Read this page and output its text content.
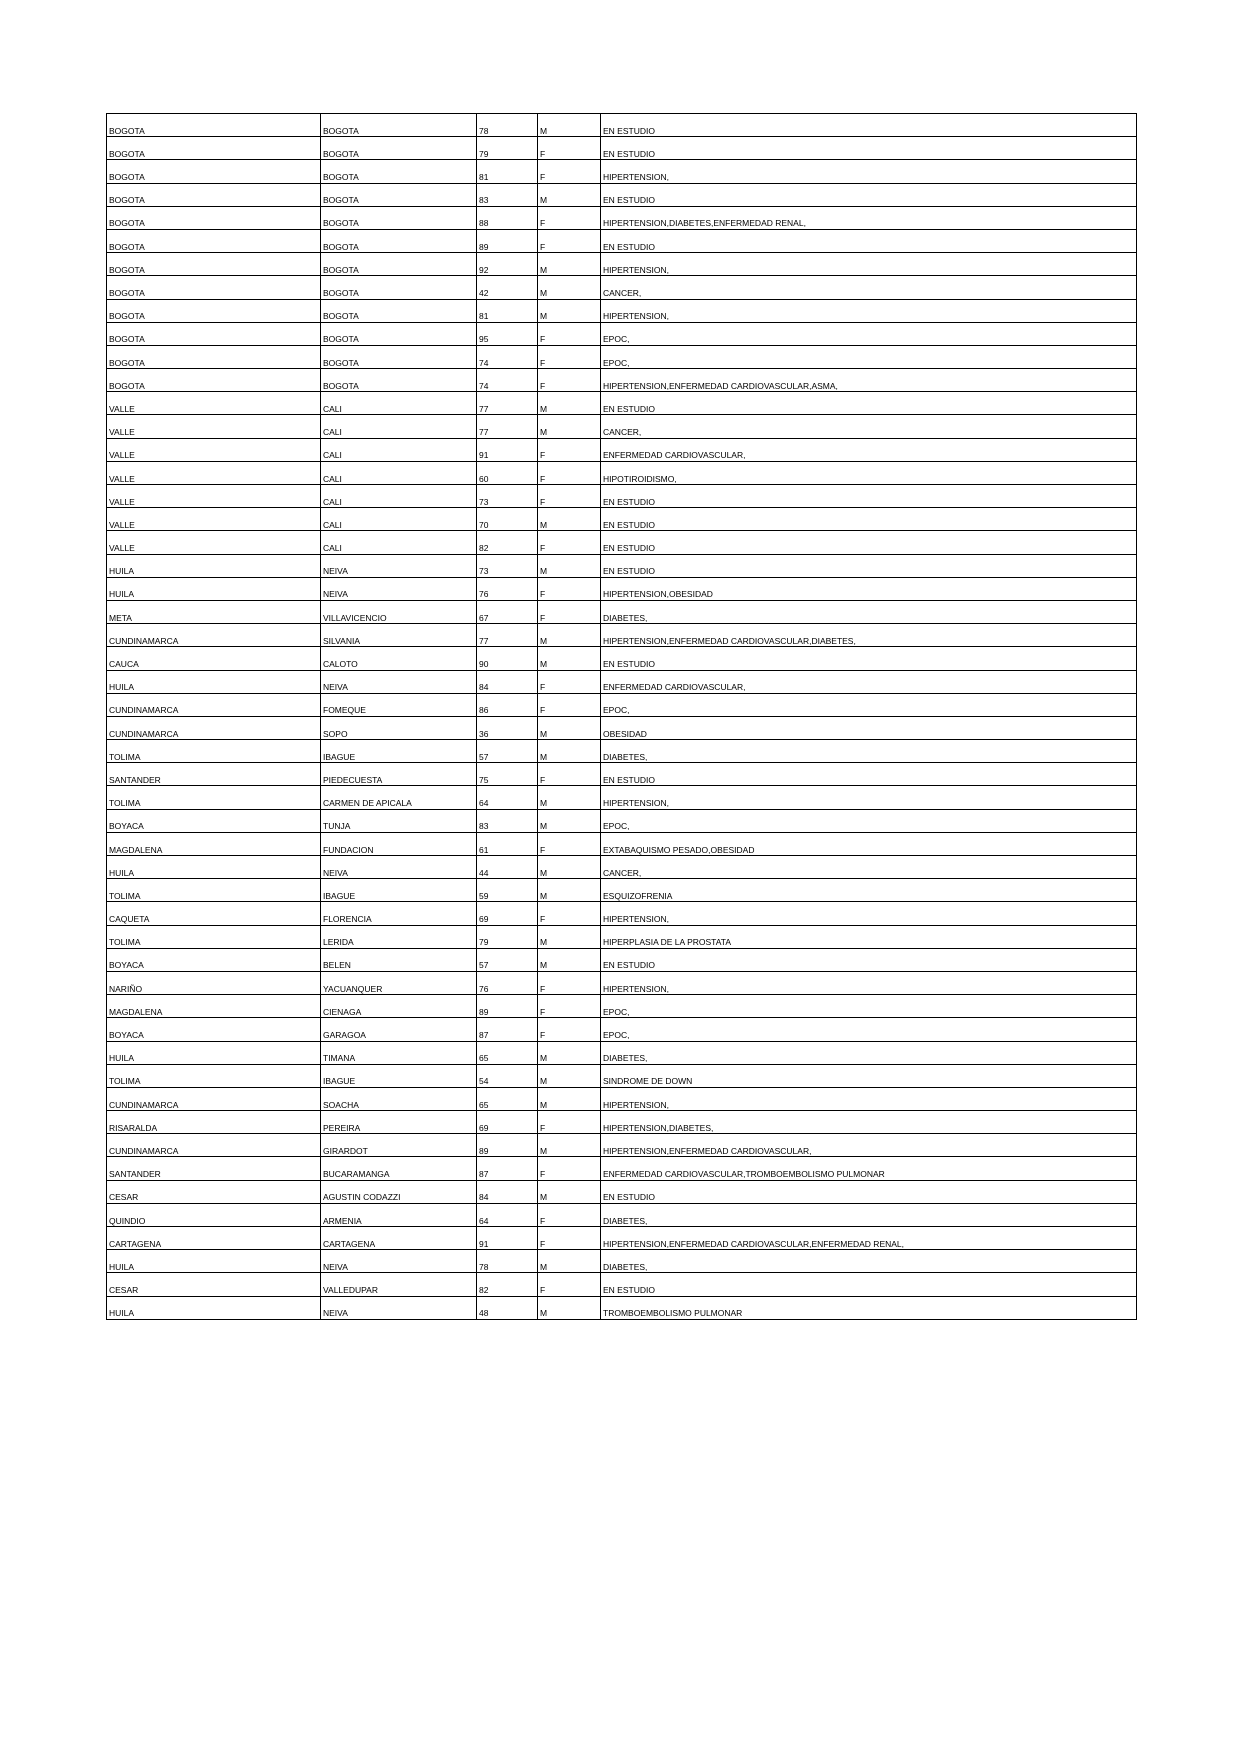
BOGOTA	BOGOTA	78	M	EN ESTUDIO
BOGOTA	BOGOTA	79	F	EN ESTUDIO
BOGOTA	BOGOTA	81	F	HIPERTENSION,
BOGOTA	BOGOTA	83	M	EN ESTUDIO
BOGOTA	BOGOTA	88	F	HIPERTENSION,DIABETES,ENFERMEDAD RENAL,
BOGOTA	BOGOTA	89	F	EN ESTUDIO
BOGOTA	BOGOTA	92	M	HIPERTENSION,
BOGOTA	BOGOTA	42	M	CANCER,
BOGOTA	BOGOTA	81	M	HIPERTENSION,
BOGOTA	BOGOTA	95	F	EPOC,
BOGOTA	BOGOTA	74	F	EPOC,
BOGOTA	BOGOTA	74	F	HIPERTENSION,ENFERMEDAD CARDIOVASCULAR,ASMA,
VALLE	CALI	77	M	EN ESTUDIO
VALLE	CALI	77	M	CANCER,
VALLE	CALI	91	F	ENFERMEDAD CARDIOVASCULAR,
VALLE	CALI	60	F	HIPOTIROIDISMO,
VALLE	CALI	73	F	EN ESTUDIO
VALLE	CALI	70	M	EN ESTUDIO
VALLE	CALI	82	F	EN ESTUDIO
HUILA	NEIVA	73	M	EN ESTUDIO
HUILA	NEIVA	76	F	HIPERTENSION,OBESIDAD
META	VILLAVICENCIO	67	F	DIABETES,
CUNDINAMARCA	SILVANIA	77	M	HIPERTENSION,ENFERMEDAD CARDIOVASCULAR,DIABETES,
CAUCA	CALOTO	90	M	EN ESTUDIO
HUILA	NEIVA	84	F	ENFERMEDAD CARDIOVASCULAR,
CUNDINAMARCA	FOMEQUE	86	F	EPOC,
CUNDINAMARCA	SOPO	36	M	OBESIDAD
TOLIMA	IBAGUE	57	M	DIABETES,
SANTANDER	PIEDECUESTA	75	F	EN ESTUDIO
TOLIMA	CARMEN DE APICALA	64	M	HIPERTENSION,
BOYACA	TUNJA	83	M	EPOC,
MAGDALENA	FUNDACION	61	F	EXTABAQUISMO PESADO,OBESIDAD
HUILA	NEIVA	44	M	CANCER,
TOLIMA	IBAGUE	59	M	ESQUIZOFRENIA
CAQUETA	FLORENCIA	69	F	HIPERTENSION,
TOLIMA	LERIDA	79	M	HIPERPLASIA DE LA PROSTATA
BOYACA	BELEN	57	M	EN ESTUDIO
NARIÑO	YACUANQUER	76	F	HIPERTENSION,
MAGDALENA	CIENAGA	89	F	EPOC,
BOYACA	GARAGOA	87	F	EPOC,
HUILA	TIMANA	65	M	DIABETES,
TOLIMA	IBAGUE	54	M	SINDROME DE DOWN
CUNDINAMARCA	SOACHA	65	M	HIPERTENSION,
RISARALDA	PEREIRA	69	F	HIPERTENSION,DIABETES,
CUNDINAMARCA	GIRARDOT	89	M	HIPERTENSION,ENFERMEDAD CARDIOVASCULAR,
SANTANDER	BUCARAMANGA	87	F	ENFERMEDAD CARDIOVASCULAR,TROMBOEMBOLISMO PULMONAR
CESAR	AGUSTIN CODAZZI	84	M	EN ESTUDIO
QUINDIO	ARMENIA	64	F	DIABETES,
CARTAGENA	CARTAGENA	91	F	HIPERTENSION,ENFERMEDAD CARDIOVASCULAR,ENFERMEDAD RENAL,
HUILA	NEIVA	78	M	DIABETES,
CESAR	VALLEDUPAR	82	F	EN ESTUDIO
HUILA	NEIVA	48	M	TROMBOEMBOLISMO PULMONAR
